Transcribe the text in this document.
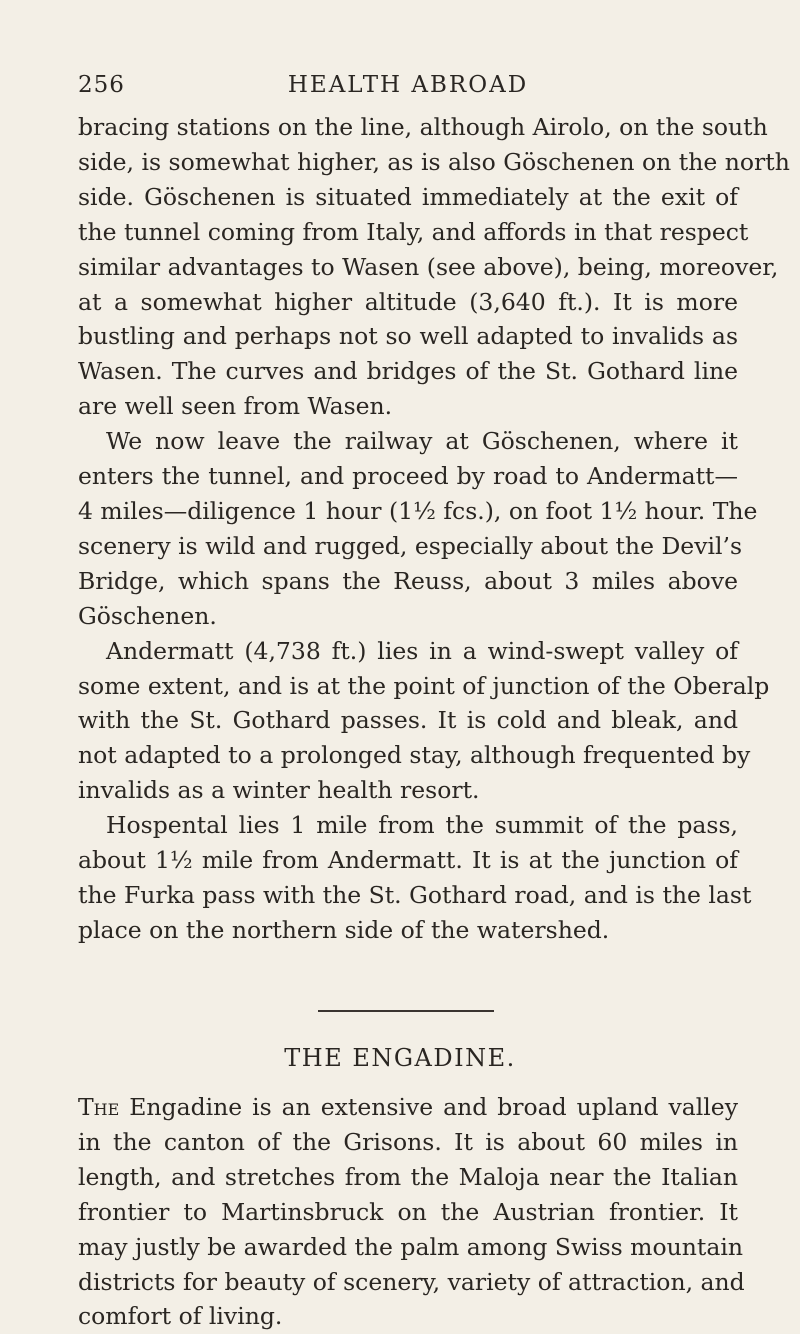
256	HEALTH ABROAD
bracing stations on the line, although Airolo, on the south
side, is somewhat higher, as is also Göschenen on the north
side. Göschenen is situated immediately at the exit of
the tunnel coming from Italy, and affords in that respect
similar advantages to Wasen (see above), being, moreover,
at a somewhat higher altitude (3,640 ft.). It is more
bustling and perhaps not so well adapted to invalids as
Wasen. The curves and bridges of the St. Gothard line
are well seen from Wasen.
We now leave the railway at Göschenen, where it
enters the tunnel, and proceed by road to Andermatt—
4 miles—diligence 1 hour (1½ fcs.), on foot 1½ hour. The
scenery is wild and rugged, especially about the Devil’s
Bridge, which spans the Reuss, about 3 miles above
Göschenen.
Andermatt (4,738 ft.) lies in a wind-swept valley of
some extent, and is at the point of junction of the Oberalp
with the St. Gothard passes. It is cold and bleak, and
not adapted to a prolonged stay, although frequented by
invalids as a winter health resort.
Hospental lies 1 mile from the summit of the pass,
about 1½ mile from Andermatt. It is at the junction of
the Furka pass with the St. Gothard road, and is the last
place on the northern side of the watershed.
THE ENGADINE.
The Engadine is an extensive and broad upland valley
in the canton of the Grisons. It is about 60 miles in
length, and stretches from the Maloja near the Italian
frontier to Martinsbruck on the Austrian frontier. It
may justly be awarded the palm among Swiss mountain
districts for beauty of scenery, variety of attraction, and
comfort of living.
